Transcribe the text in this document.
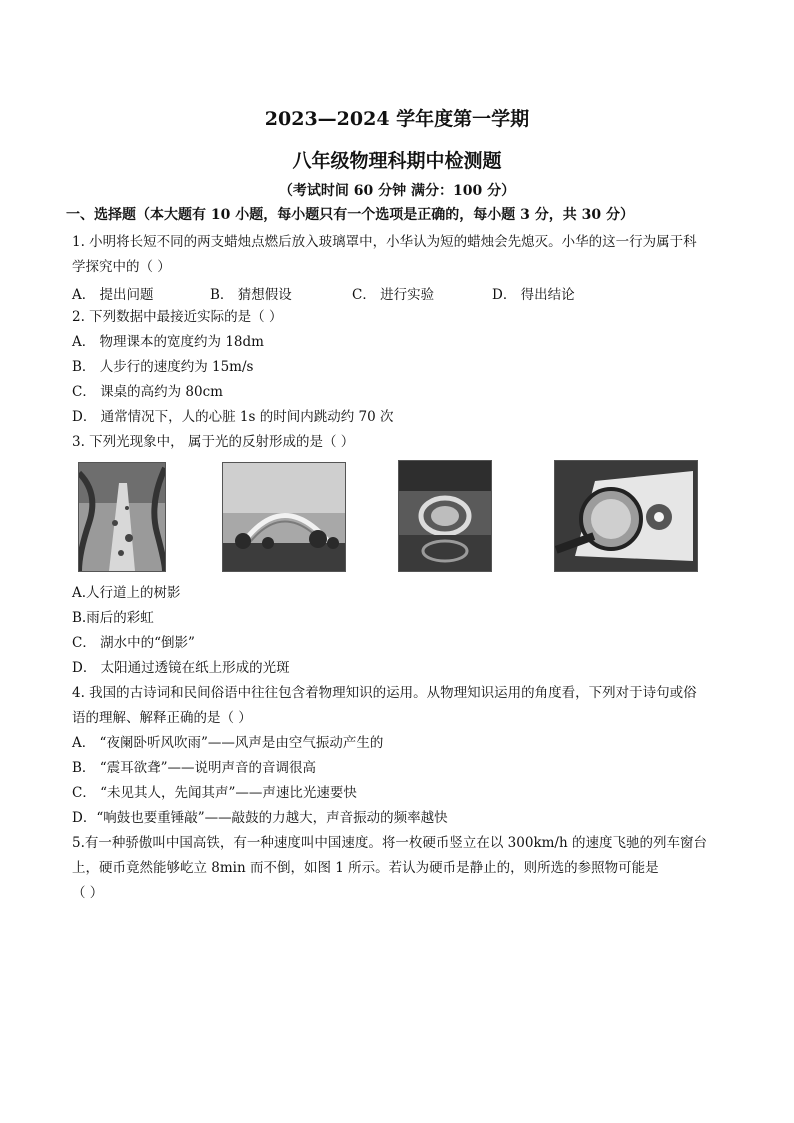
2023—2024 学年度第一学期
八年级物理科期中检测题
（考试时间 60 分钟 满分：100 分）
一、选择题（本大题有 10 小题，每小题只有一个选项是正确的，每小题 3 分，共 30 分）
1. 小明将长短不同的两支蜡烛点燃后放入玻璃罩中，小华认为短的蜡烛会先熄灭。小华的这一行为属于科
学探究中的（ ）
A． 提出问题	B． 猜想假设	C． 进行实验	D． 得出结论
2. 下列数据中最接近实际的是（ ）
A． 物理课本的宽度约为 18dm
B． 人步行的速度约为 15m/s
C． 课桌的高约为 80cm
D． 通常情况下，人的心脏 1s 的时间内跳动约 70 次
3. 下列光现象中， 属于光的反射形成的是（ ）
A.人行道上的树影
B.雨后的彩虹
C． 湖水中的“倒影”
D． 太阳通过透镜在纸上形成的光斑
4. 我国的古诗词和民间俗语中往往包含着物理知识的运用。从物理知识运用的角度看，下列对于诗句或俗
语的理解、解释正确的是（ ）
A． “夜阑卧听风吹雨”——风声是由空气振动产生的
B． “震耳欲聋”——说明声音的音调很高
C． “未见其人，先闻其声”——声速比光速要快
D．“响鼓也要重锤敲”——敲鼓的力越大，声音振动的频率越快
5.有一种骄傲叫中国高铁，有一种速度叫中国速度。将一枚硬币竖立在以 300km/h 的速度飞驰的列车窗台
上，硬币竟然能够屹立 8min 而不倒，如图 1 所示。若认为硬币是静止的，则所选的参照物可能是
（ ）
